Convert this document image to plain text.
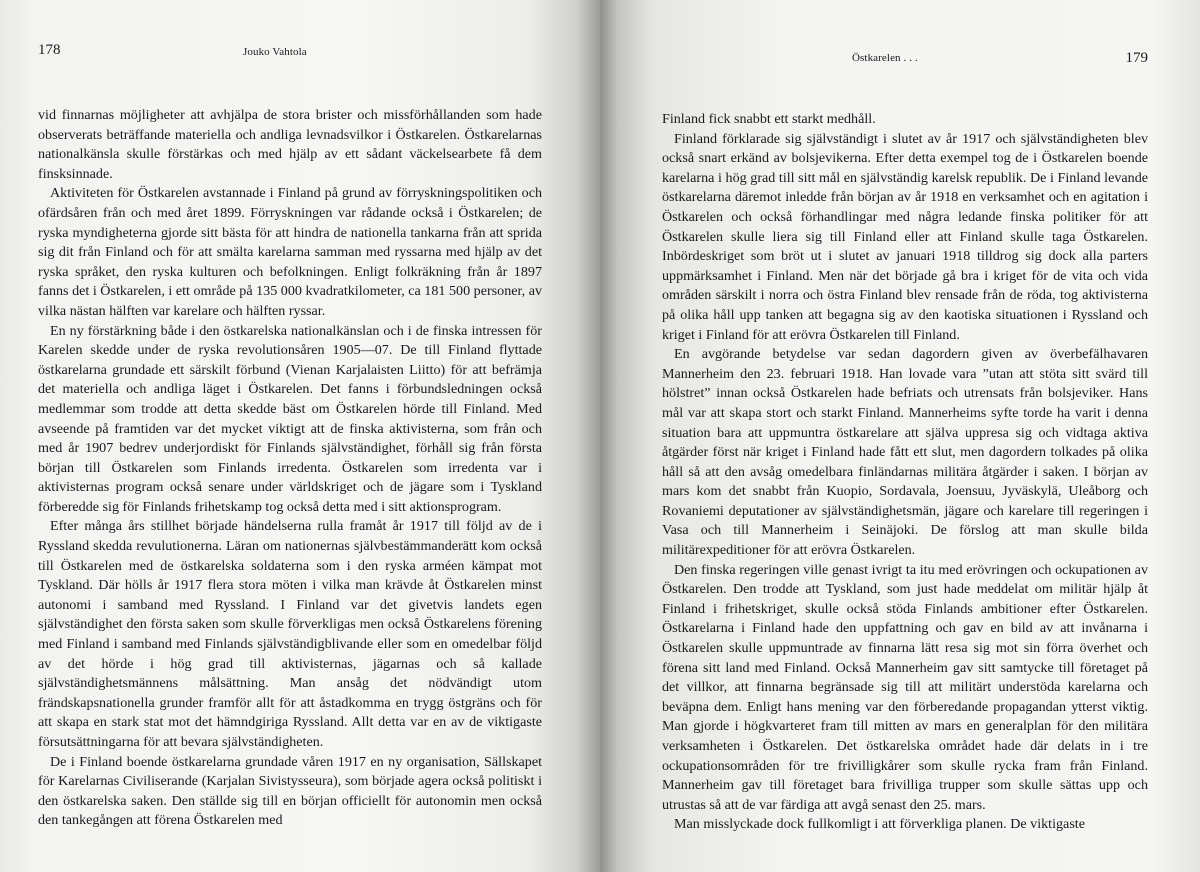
178	Jouko Vahtola

vid finnarnas möjligheter att avhjälpa de stora brister och missförhållanden som hade observerats beträffande materiella och andliga levnadsvilkor i Östkarelen. Östkarelarnas nationalkänsla skulle förstärkas och med hjälp av ett sådant väckelsearbete få dem finsksinnade.

Aktiviteten för Östkarelen avstannade i Finland på grund av förryskningspolitiken och ofärdsåren från och med året 1899. Förryskningen var rådande också i Östkarelen; de ryska myndigheterna gjorde sitt bästa för att hindra de nationella tankarna från att sprida sig dit från Finland och för att smälta karelarna samman med ryssarna med hjälp av det ryska språket, den ryska kulturen och befolkningen. Enligt folkräkning från år 1897 fanns det i Östkarelen, i ett område på 135 000 kvadratkilometer, ca 181 500 personer, av vilka nästan hälften var karelare och hälften ryssar.

En ny förstärkning både i den östkarelska nationalkänslan och i de finska intressen för Karelen skedde under de ryska revolutionsåren 1905—07. De till Finland flyttade östkarelarna grundade ett särskilt förbund (Vienan Karjalaisten Liitto) för att befrämja det materiella och andliga läget i Östkarelen. Det fanns i förbundsledningen också medlemmar som trodde att detta skedde bäst om Östkarelen hörde till Finland. Med avseende på framtiden var det mycket viktigt att de finska aktivisterna, som från och med år 1907 bedrev underjordiskt för Finlands självständighet, förhåll sig från första början till Östkarelen som Finlands irredenta. Östkarelen som irredenta var i aktivisternas program också senare under världskriget och de jägare som i Tyskland förberedde sig för Finlands frihetskamp tog också detta med i sitt aktionsprogram.

Efter många års stillhet började händelserna rulla framåt år 1917 till följd av de i Ryssland skedda revulutionerna. Läran om nationernas självbestämmanderätt kom också till Östkarelen med de östkarelska soldaterna som i den ryska arméen kämpat mot Tyskland. Där hölls år 1917 flera stora möten i vilka man krävde åt Östkarelen minst autonomi i samband med Ryssland. I Finland var det givetvis landets egen självständighet den första saken som skulle förverkligas men också Östkarelens förening med Finland i samband med Finlands självständigblivande eller som en omedelbar följd av det hörde i hög grad till aktivisternas, jägarnas och så kallade självständighetsmännens målsättning. Man ansåg det nödvändigt utom frändskapsnationella grunder framför allt för att åstadkomma en trygg östgräns och för att skapa en stark stat mot det hämndgiriga Ryssland. Allt detta var en av de viktigaste försutsättningarna för att bevara självständigheten.

De i Finland boende östkarelarna grundade våren 1917 en ny organisation, Sällskapet för Karelarnas Civiliserande (Karjalan Sivistysseura), som började agera också politiskt i den östkarelska saken. Den ställde sig till en början officiellt för autonomin men också den tankegången att förena Östkarelen med

Östkarelen . . .	179

Finland fick snabbt ett starkt medhåll.

Finland förklarade sig självständigt i slutet av år 1917 och självständigheten blev också snart erkänd av bolsjevikerna. Efter detta exempel tog de i Östkarelen boende karelarna i hög grad till sitt mål en självständig karelsk republik. De i Finland levande östkarelarna däremot inledde från början av år 1918 en verksamhet och en agitation i Östkarelen och också förhandlingar med några ledande finska politiker för att Östkarelen skulle liera sig till Finland eller att Finland skulle taga Östkarelen. Inbördeskriget som bröt ut i slutet av januari 1918 tilldrog sig dock alla parters uppmärksamhet i Finland. Men när det började gå bra i kriget för de vita och vida områden särskilt i norra och östra Finland blev rensade från de röda, tog aktivisterna på olika håll upp tanken att begagna sig av den kaotiska situationen i Ryssland och kriget i Finland för att erövra Östkarelen till Finland.

En avgörande betydelse var sedan dagordern given av överbefälhavaren Mannerheim den 23. februari 1918. Han lovade vara ”utan att stöta sitt svärd till hölstret” innan också Östkarelen hade befriats och utrensats från bolsjeviker. Hans mål var att skapa stort och starkt Finland. Mannerheims syfte torde ha varit i denna situation bara att uppmuntra östkarelare att själva uppresa sig och vidtaga aktiva åtgärder först när kriget i Finland hade fått ett slut, men dagordern tolkades på olika håll så att den avsåg omedelbara finländarnas militära åtgärder i saken. I början av mars kom det snabbt från Kuopio, Sordavala, Joensuu, Jyväskylä, Uleåborg och Rovaniemi deputationer av självständighetsmän, jägare och karelare till regeringen i Vasa och till Mannerheim i Seinäjoki. De förslog att man skulle bilda militärexpeditioner för att erövra Östkarelen.

Den finska regeringen ville genast ivrigt ta itu med erövringen och ockupationen av Östkarelen. Den trodde att Tyskland, som just hade meddelat om militär hjälp åt Finland i frihetskriget, skulle också stöda Finlands ambitioner efter Östkarelen. Östkarelarna i Finland hade den uppfattning och gav en bild av att invånarna i Östkarelen skulle uppmuntrade av finnarna lätt resa sig mot sin förra överhet och förena sitt land med Finland. Också Mannerheim gav sitt samtycke till företaget på det villkor, att finnarna begränsade sig till att militärt understöda karelarna och beväpna dem. Enligt hans mening var den förberedande propagandan ytterst viktig. Man gjorde i högkvarteret fram till mitten av mars en generalplan för den militära verksamheten i Östkarelen. Det östkarelska området hade där delats in i tre ockupationsområden för tre frivilligkårer som skulle rycka fram från Finland. Mannerheim gav till företaget bara frivilliga trupper som skulle sättas upp och utrustas så att de var färdiga att avgå senast den 25. mars.

Man misslyckade dock fullkomligt i att förverkliga planen. De viktigaste
